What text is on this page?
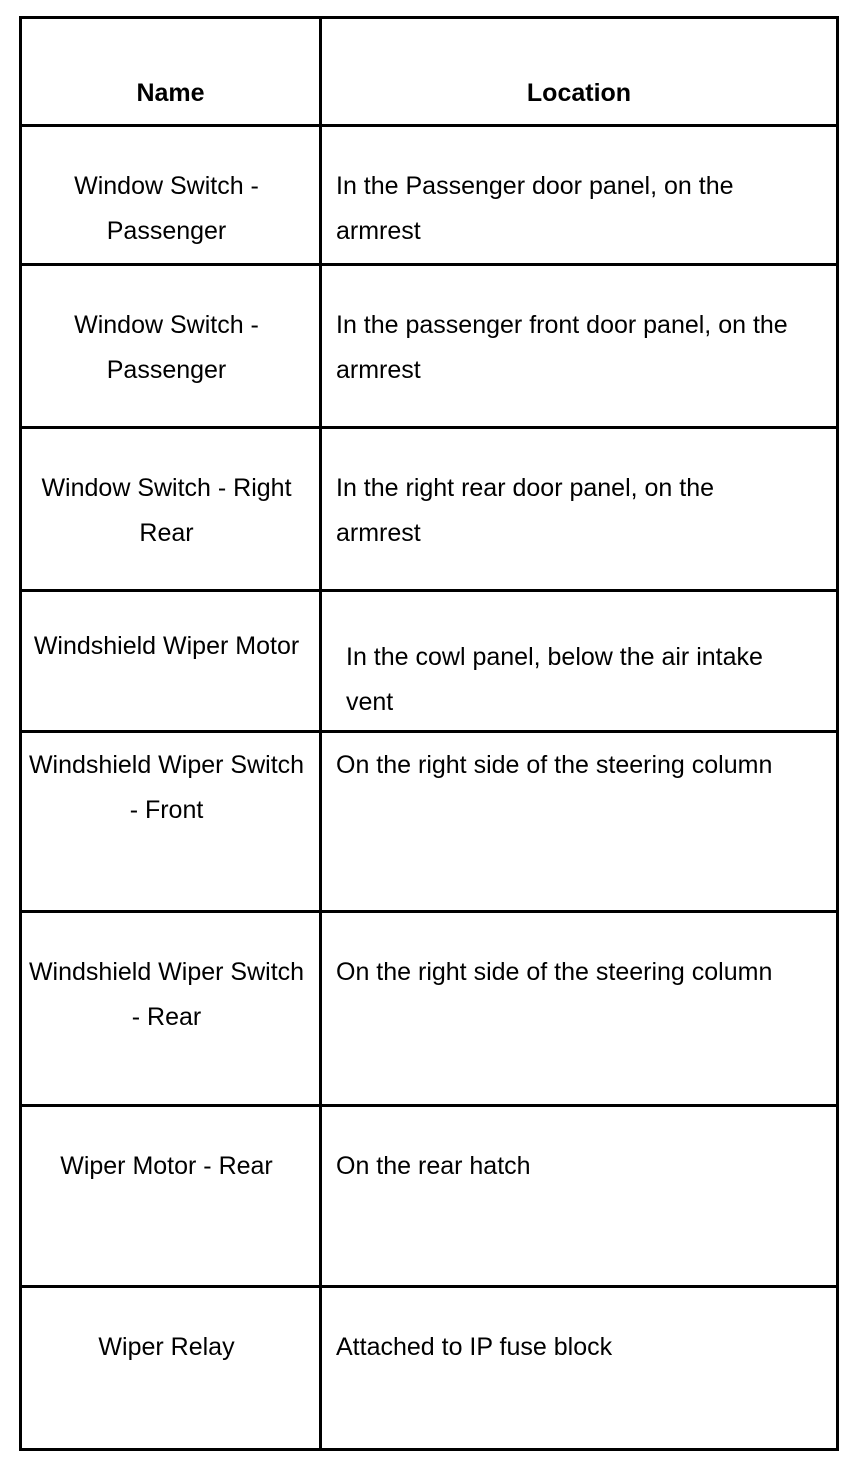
Name	Location

Window Switch - Passenger	In the Passenger door panel, on the armrest

Window Switch - Passenger	In the passenger front door panel, on the armrest

Window Switch - Right Rear	In the right rear door panel, on the armrest

Windshield Wiper Motor	In the cowl panel, below the air intake vent

Windshield Wiper Switch - Front	On the right side of the steering column

Windshield Wiper Switch - Rear	On the right side of the steering column

Wiper Motor - Rear	On the rear hatch

Wiper Relay	Attached to IP fuse block
